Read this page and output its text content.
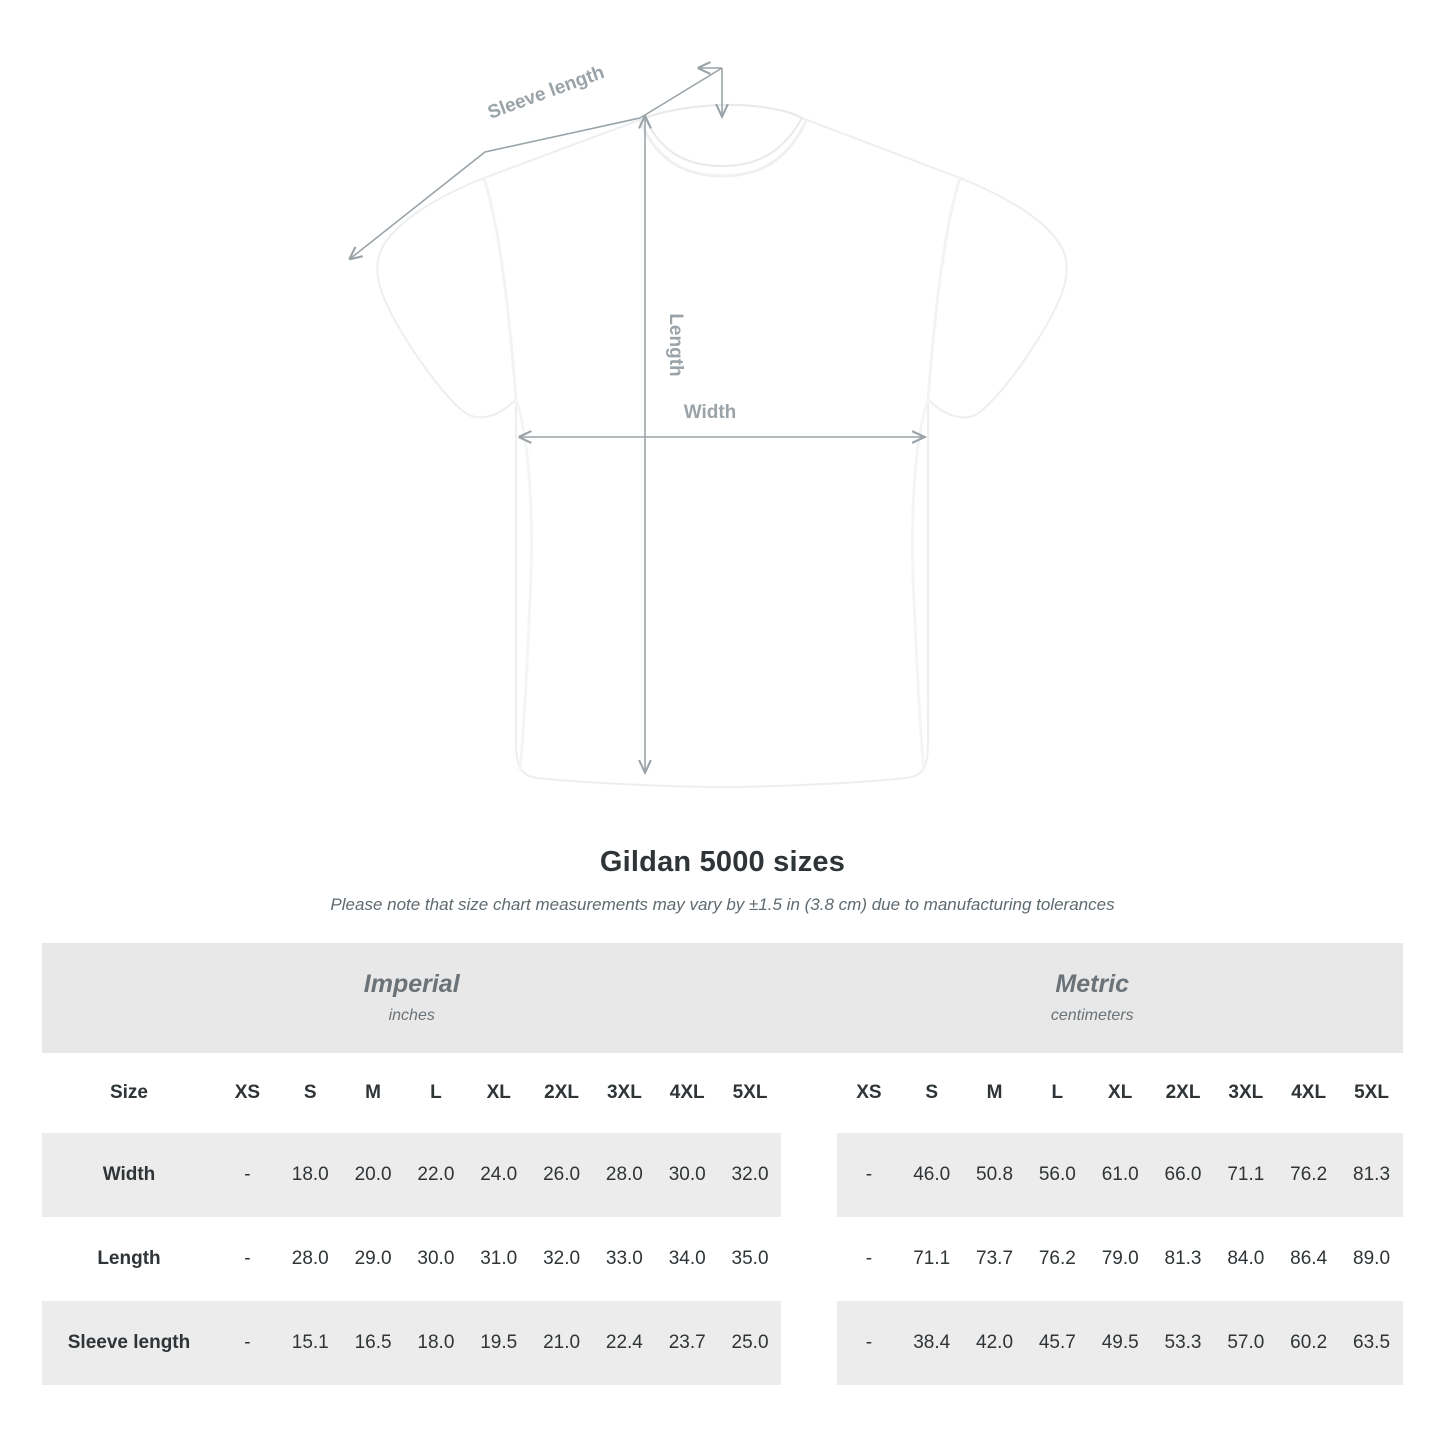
Sleeve length
Length
Width
Gildan 5000 sizes
Please note that size chart measurements may vary by ±1.5 in (3.8 cm) due to manufacturing tolerances
Imperial
inches

Metric
centimeters

Size	XS	S	M	L	XL	2XL	3XL	4XL	5XL		XS	S	M	L	XL	2XL	3XL	4XL	5XL
Width	-	18.0	20.0	22.0	24.0	26.0	28.0	30.0	32.0		-	46.0	50.8	56.0	61.0	66.0	71.1	76.2	81.3
Length	-	28.0	29.0	30.0	31.0	32.0	33.0	34.0	35.0		-	71.1	73.7	76.2	79.0	81.3	84.0	86.4	89.0
Sleeve length	-	15.1	16.5	18.0	19.5	21.0	22.4	23.7	25.0		-	38.4	42.0	45.7	49.5	53.3	57.0	60.2	63.5
